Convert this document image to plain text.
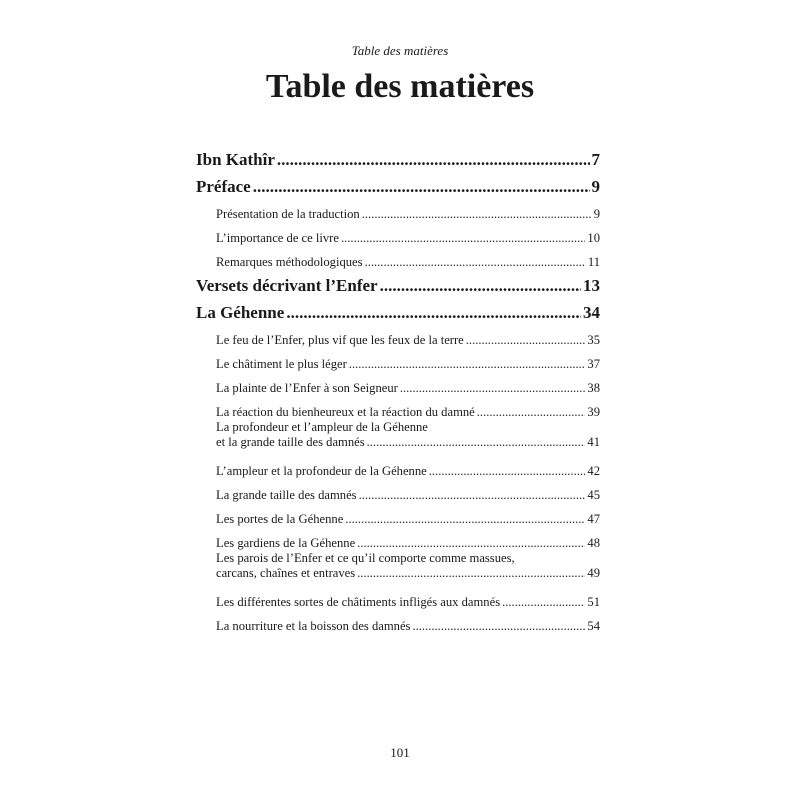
Table des matières
Table des matières
Ibn Kathîr .....	7
Préface .....	9
Présentation de la traduction .....	9
L’importance de ce livre .....	10
Remarques méthodologiques .....	11
Versets décrivant l’Enfer .....	13
La Géhenne .....	34
Le feu de l’Enfer, plus vif que les feux de la terre .....	35
Le châtiment le plus léger .....	37
La plainte de l’Enfer à son Seigneur .....	38
La réaction du bienheureux et la réaction du damné .....	39
La profondeur et l’ampleur de la Géhenne
et la grande taille des damnés .....	41
L’ampleur et la profondeur de la Géhenne .....	42
La grande taille des damnés .....	45
Les portes de la Géhenne .....	47
Les gardiens de la Géhenne .....	48
Les parois de l’Enfer et ce qu’il comporte comme massues,
carcans, chaînes et entraves .....	49
Les différentes sortes de châtiments infligés aux damnés .....	51
La nourriture et la boisson des damnés .....	54
101
